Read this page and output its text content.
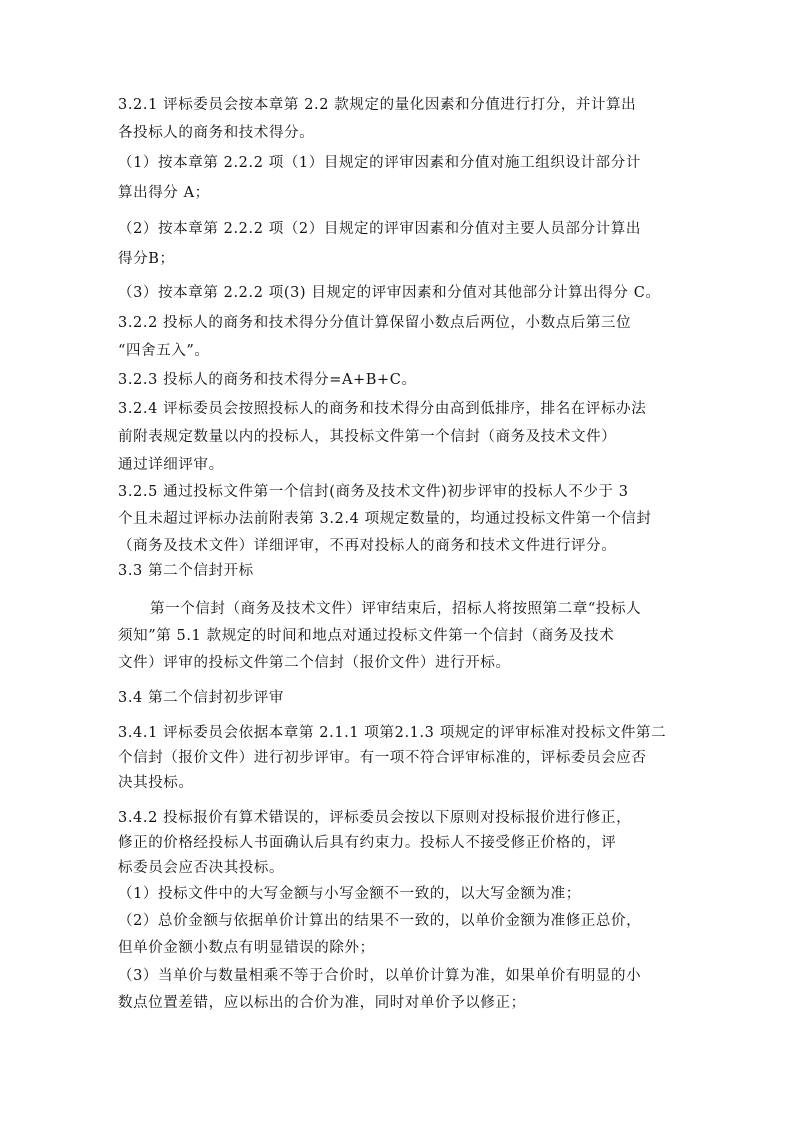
3.2.1 评标委员会按本章第 2.2 款规定的量化因素和分值进行打分，并计算出
各投标人的商务和技术得分。
（1）按本章第 2.2.2 项（1）目规定的评审因素和分值对施工组织设计部分计
算出得分 A；
（2）按本章第 2.2.2 项（2）目规定的评审因素和分值对主要人员部分计算出
得分B；
（3）按本章第 2.2.2 项(3) 目规定的评审因素和分值对其他部分计算出得分 C。
3.2.2 投标人的商务和技术得分分值计算保留小数点后两位，小数点后第三位
“四舍五入”。
3.2.3 投标人的商务和技术得分=A+B+C。
3.2.4 评标委员会按照投标人的商务和技术得分由高到低排序，排名在评标办法
前附表规定数量以内的投标人，其投标文件第一个信封（商务及技术文件）
通过详细评审。
3.2.5 通过投标文件第一个信封(商务及技术文件)初步评审的投标人不少于 3
个且未超过评标办法前附表第 3.2.4 项规定数量的，均通过投标文件第一个信封
（商务及技术文件）详细评审，不再对投标人的商务和技术文件进行评分。
3.3 第二个信封开标
第一个信封（商务及技术文件）评审结束后，招标人将按照第二章“投标人
须知”第 5.1 款规定的时间和地点对通过投标文件第一个信封（商务及技术
文件）评审的投标文件第二个信封（报价文件）进行开标。
3.4 第二个信封初步评审
3.4.1 评标委员会依据本章第 2.1.1 项第2.1.3 项规定的评审标准对投标文件第二
个信封（报价文件）进行初步评审。有一项不符合评审标准的，评标委员会应否
决其投标。
3.4.2 投标报价有算术错误的，评标委员会按以下原则对投标报价进行修正，
修正的价格经投标人书面确认后具有约束力。投标人不接受修正价格的，评
标委员会应否决其投标。
（1）投标文件中的大写金额与小写金额不一致的，以大写金额为准；
（2）总价金额与依据单价计算出的结果不一致的，以单价金额为准修正总价，
但单价金额小数点有明显错误的除外；
（3）当单价与数量相乘不等于合价时，以单价计算为准，如果单价有明显的小
数点位置差错，应以标出的合价为准，同时对单价予以修正；
